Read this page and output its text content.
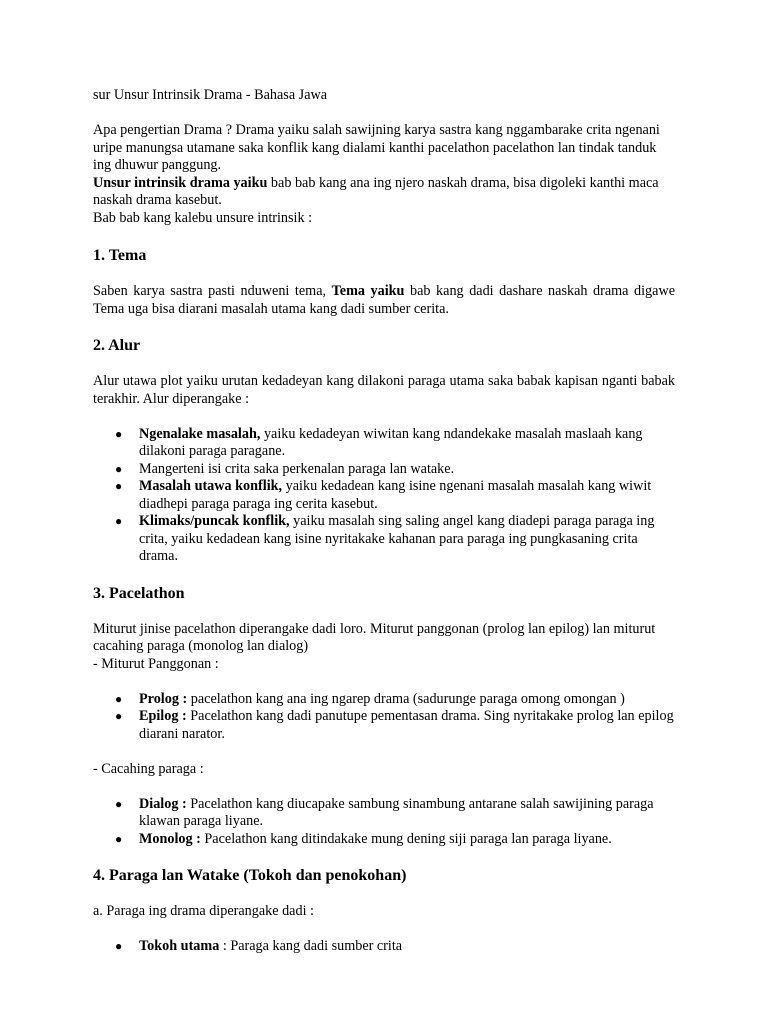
sur Unsur Intrinsik Drama - Bahasa Jawa

Apa pengertian Drama ? Drama yaiku salah sawijning karya sastra kang nggambarake crita ngenani uripe manungsa utamane saka konflik kang dialami kanthi pacelathon pacelathon lan tindak tanduk ing dhuwur panggung.

Unsur intrinsik drama yaiku bab bab kang ana ing njero naskah drama, bisa digoleki kanthi maca naskah drama kasebut.

Bab bab kang kalebu unsure intrinsik :

1. Tema

Saben karya sastra pasti nduweni tema, Tema yaiku bab kang dadi dashare naskah drama digawe Tema uga bisa diarani masalah utama kang dadi sumber cerita.

2. Alur

Alur utawa plot yaiku urutan kedadeyan kang dilakoni paraga utama saka babak kapisan nganti babak terakhir. Alur diperangake :

● Ngenalake masalah, yaiku kedadeyan wiwitan kang ndandekake masalah maslaah kang dilakoni paraga paragane.
● Mangerteni isi crita saka perkenalan paraga lan watake.
● Masalah utawa konflik, yaiku kedadean kang isine ngenani masalah masalah kang wiwit diadhepi paraga paraga ing cerita kasebut.
● Klimaks/puncak konflik, yaiku masalah sing saling angel kang diadepi paraga paraga ing crita, yaiku kedadean kang isine nyritakake kahanan para paraga ing pungkasaning crita drama.
3. Pacelathon

Miturut jinise pacelathon diperangake dadi loro. Miturut panggonan (prolog lan epilog) lan miturut cacahing paraga (monolog lan dialog)

- Miturut Panggonan :

● Prolog : pacelathon kang ana ing ngarep drama (sadurunge paraga omong omongan )
● Epilog : Pacelathon kang dadi panutupe pementasan drama. Sing nyritakake prolog lan epilog diarani narator.

- Cacahing paraga :

● Dialog : Pacelathon kang diucapake sambung sinambung antarane salah sawijining paraga klawan paraga liyane.
● Monolog : Pacelathon kang ditindakake mung dening siji paraga lan paraga liyane.
4. Paraga lan Watake (Tokoh dan penokohan)

a. Paraga ing drama diperangake dadi :

● Tokoh utama : Paraga kang dadi sumber crita
